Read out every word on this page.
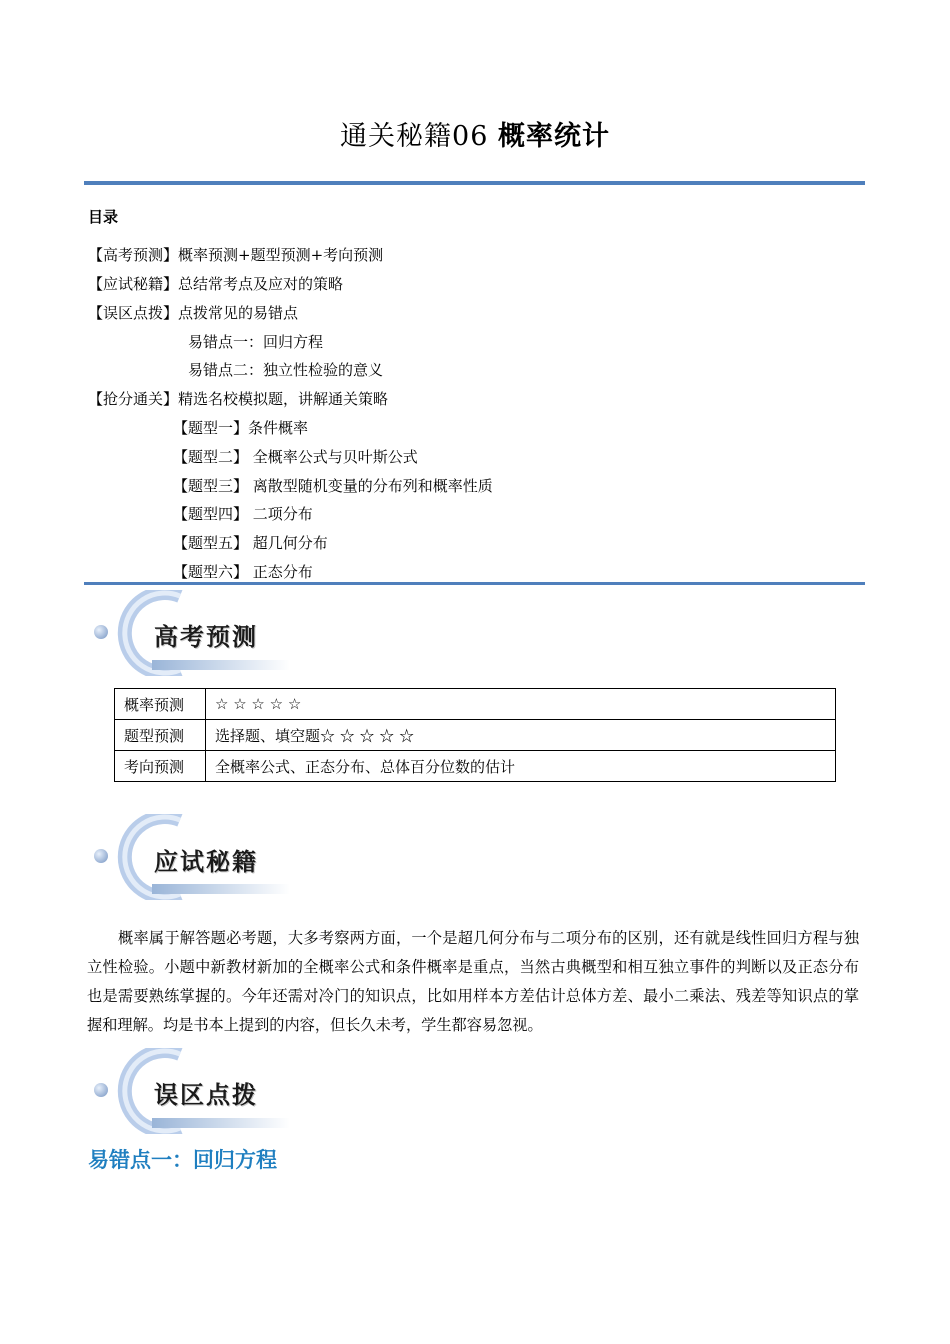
通关秘籍06 概率统计
目录
【高考预测】概率预测+题型预测+考向预测
【应试秘籍】总结常考点及应对的策略
【误区点拨】点拨常见的易错点
易错点一：回归方程
易错点二：独立性检验的意义
【抢分通关】精选名校模拟题，讲解通关策略
【题型一】条件概率
【题型二】 全概率公式与贝叶斯公式
【题型三】 离散型随机变量的分布列和概率性质
【题型四】 二项分布
【题型五】 超几何分布
【题型六】 正态分布
高考预测
概率预测	☆ ☆ ☆ ☆ ☆
题型预测	选择题、填空题☆ ☆ ☆ ☆ ☆
考向预测	全概率公式、正态分布、总体百分位数的估计
应试秘籍
概率属于解答题必考题，大多考察两方面，一个是超几何分布与二项分布的区别，还有就是线性回归方程与独立性检验。小题中新教材新加的全概率公式和条件概率是重点，当然古典概型和相互独立事件的判断以及正态分布也是需要熟练掌握的。今年还需对冷门的知识点，比如用样本方差估计总体方差、最小二乘法、残差等知识点的掌握和理解。均是书本上提到的内容，但长久未考，学生都容易忽视。
误区点拨
易错点一：回归方程
